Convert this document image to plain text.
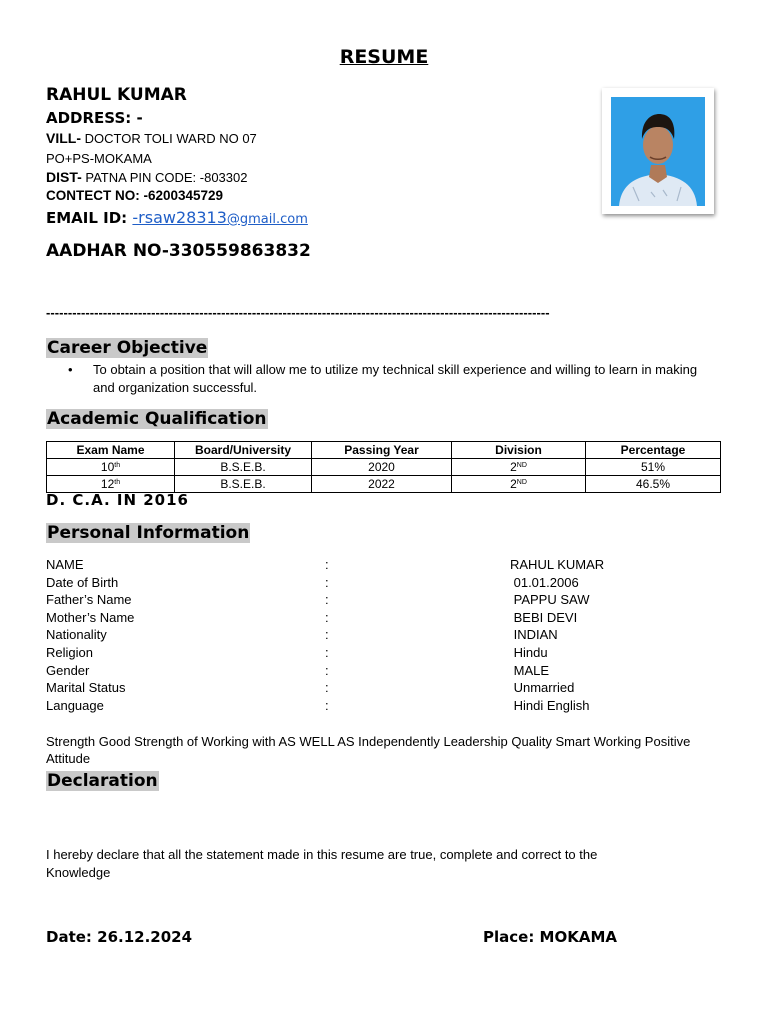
RESUME
RAHUL KUMAR
ADDRESS: -
VILL- DOCTOR TOLI WARD NO 07
PO+PS-MOKAMA
DIST- PATNA PIN CODE: -803302
CONTECT NO: -6200345729
EMAIL ID: -rsaw28313@gmail.com
AADHAR NO-330559863832
-------------------------------------------------------------------------------------------------------------------
Career Objective
• To obtain a position that will allow me to utilize my technical skill experience and willing to learn in making and organization successful.
Academic Qualification
Exam Name	Board/University	Passing Year	Division	Percentage
10th	B.S.E.B.	2020	2ND	51%
12th	B.S.E.B.	2022	2ND	46.5%
D. C.A. IN 2016
Personal Information
NAME	:	RAHUL KUMAR
Date of Birth	:	01.01.2006
Father’s Name	:	PAPPU SAW
Mother’s Name	:	BEBI DEVI
Nationality	:	INDIAN
Religion	:	Hindu
Gender	:	MALE
Marital Status	:	Unmarried
Language	:	Hindi English
Strength Good Strength of Working with AS WELL AS Independently Leadership Quality Smart Working Positive Attitude
Declaration
I hereby declare that all the statement made in this resume are true, complete and correct to the Knowledge
Date: 26.12.2024	Place: MOKAMA
